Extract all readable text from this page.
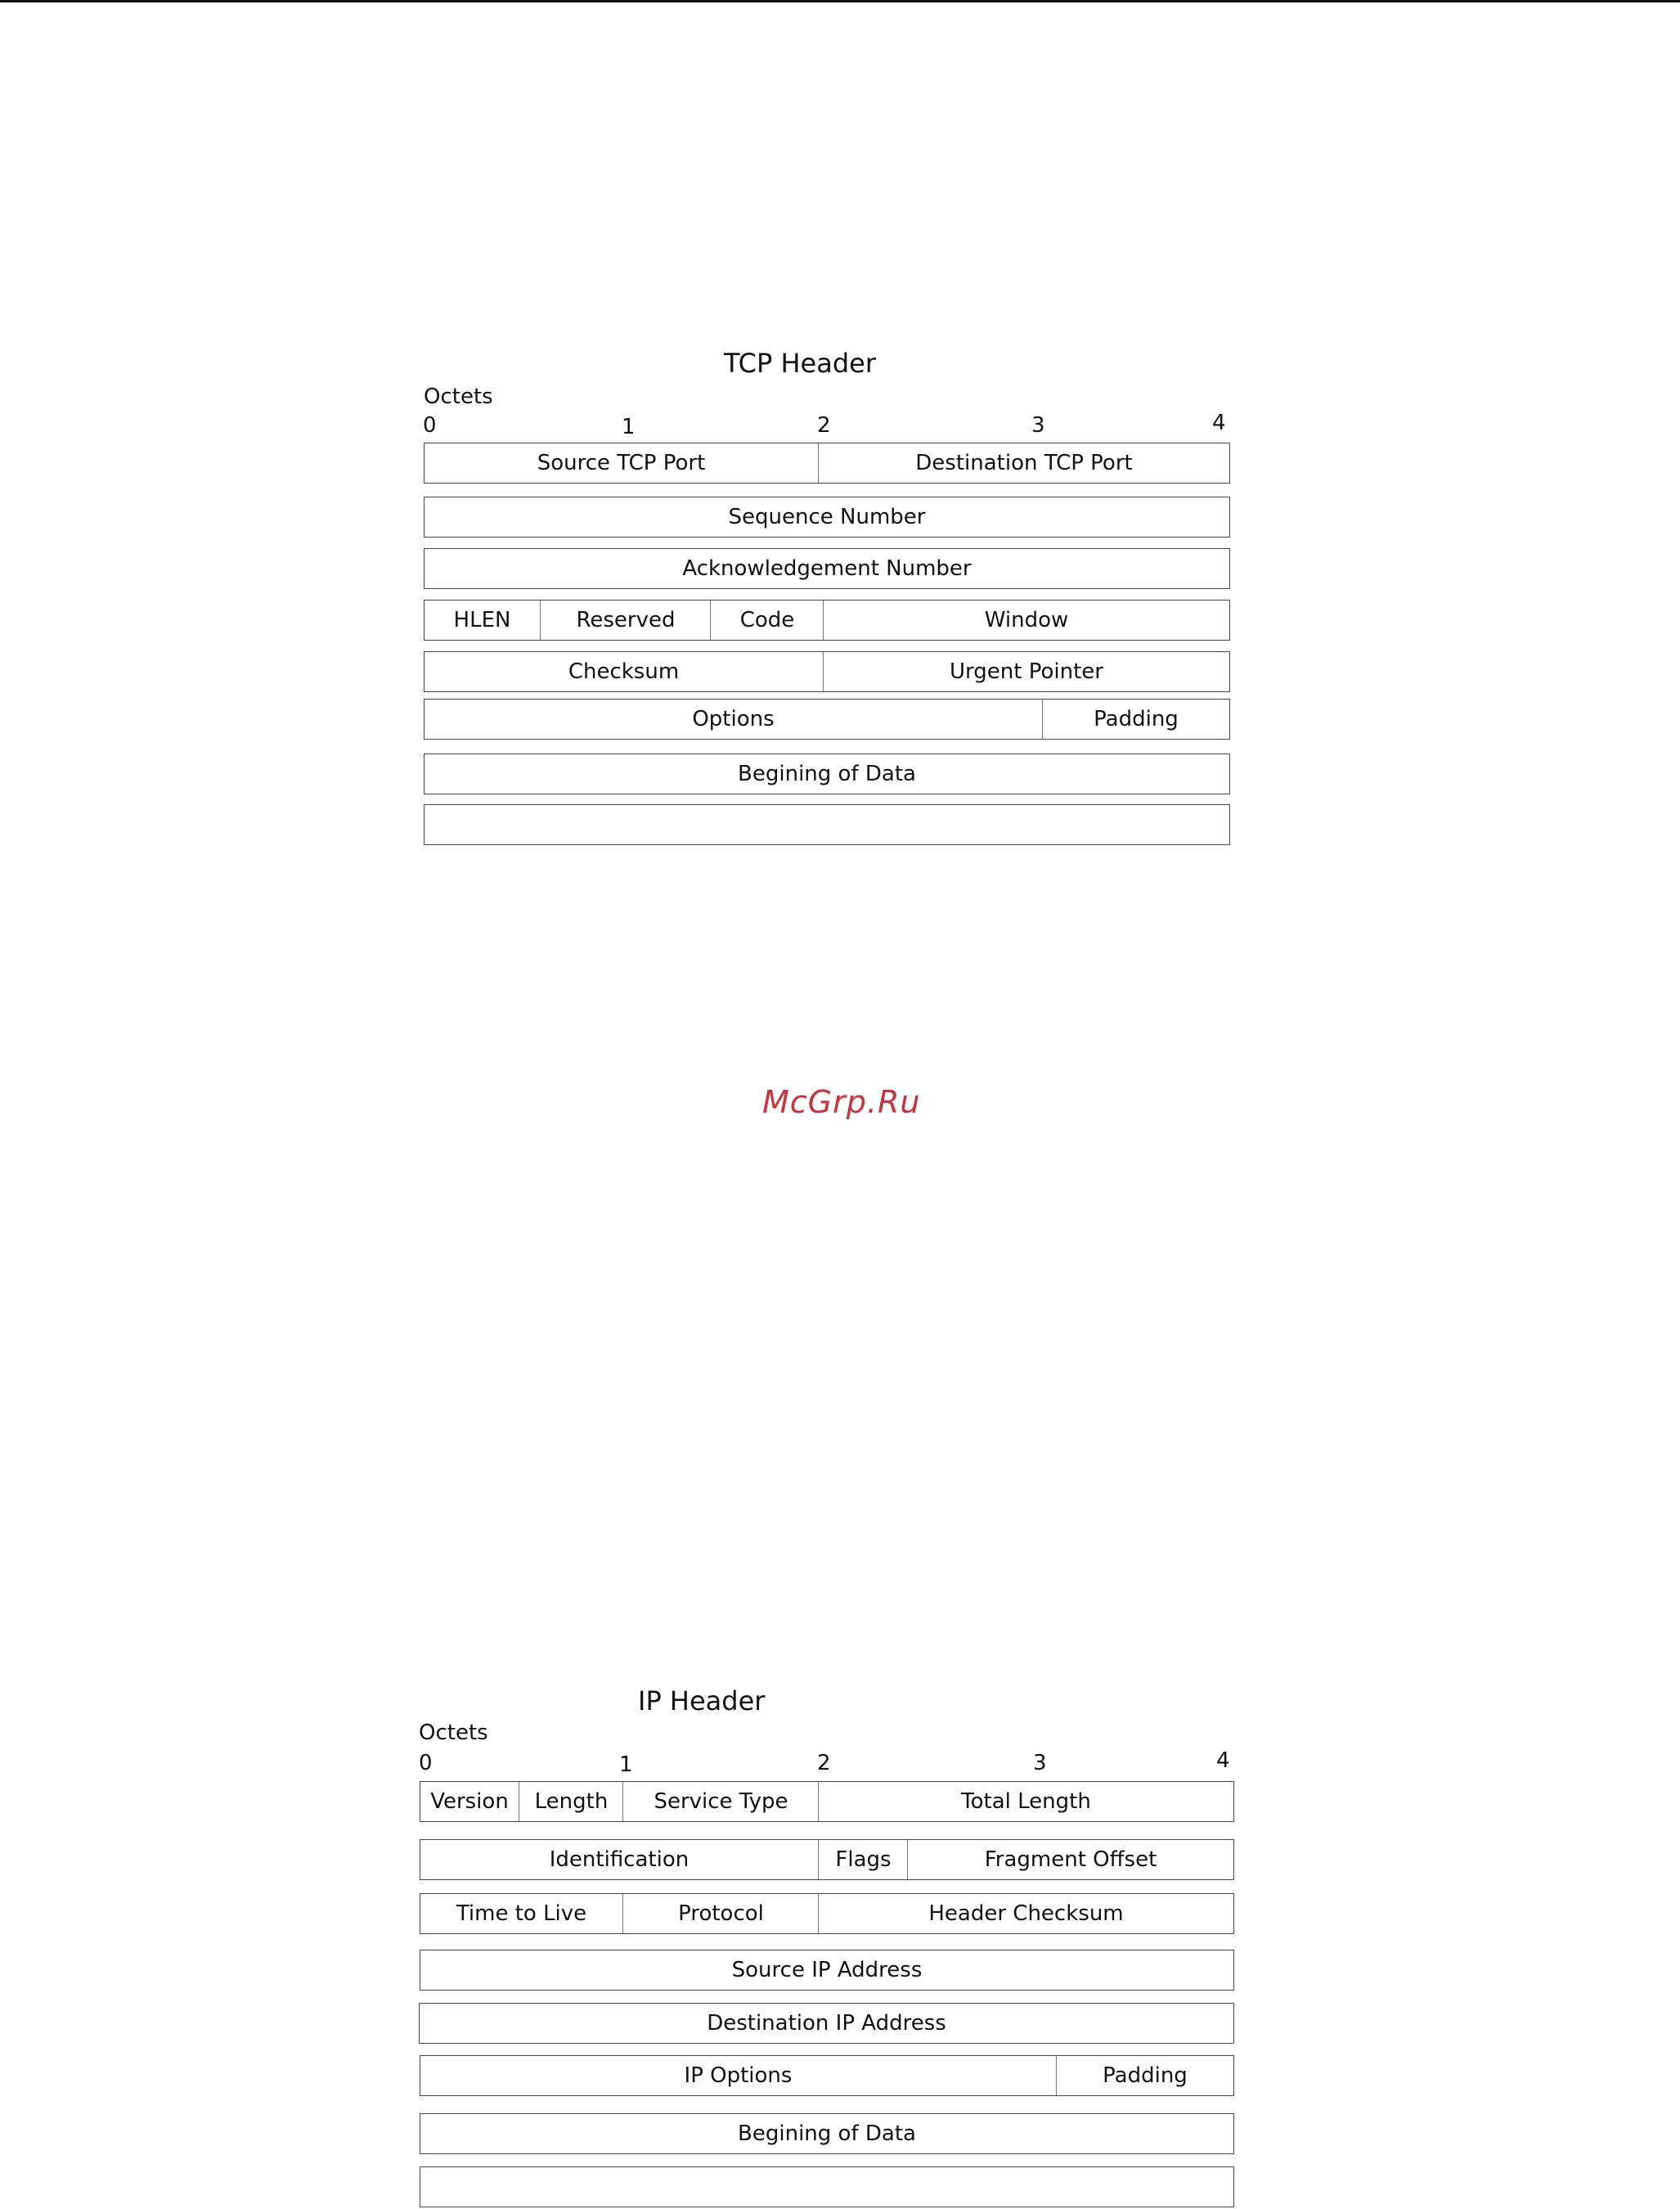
TCP Header
Octets
0	1	2	3	4
Source TCP Port	Destination TCP Port
Sequence Number
Acknowledgement Number
HLEN	Reserved	Code	Window
Checksum	Urgent Pointer
Options	Padding
Begining of Data
McGrp.Ru
IP Header
Octets
0	1	2	3	4
Version	Length	Service Type	Total Length
Identification	Flags	Fragment Offset
Time to Live	Protocol	Header Checksum
Source IP Address
Destination IP Address
IP Options	Padding
Begining of Data
